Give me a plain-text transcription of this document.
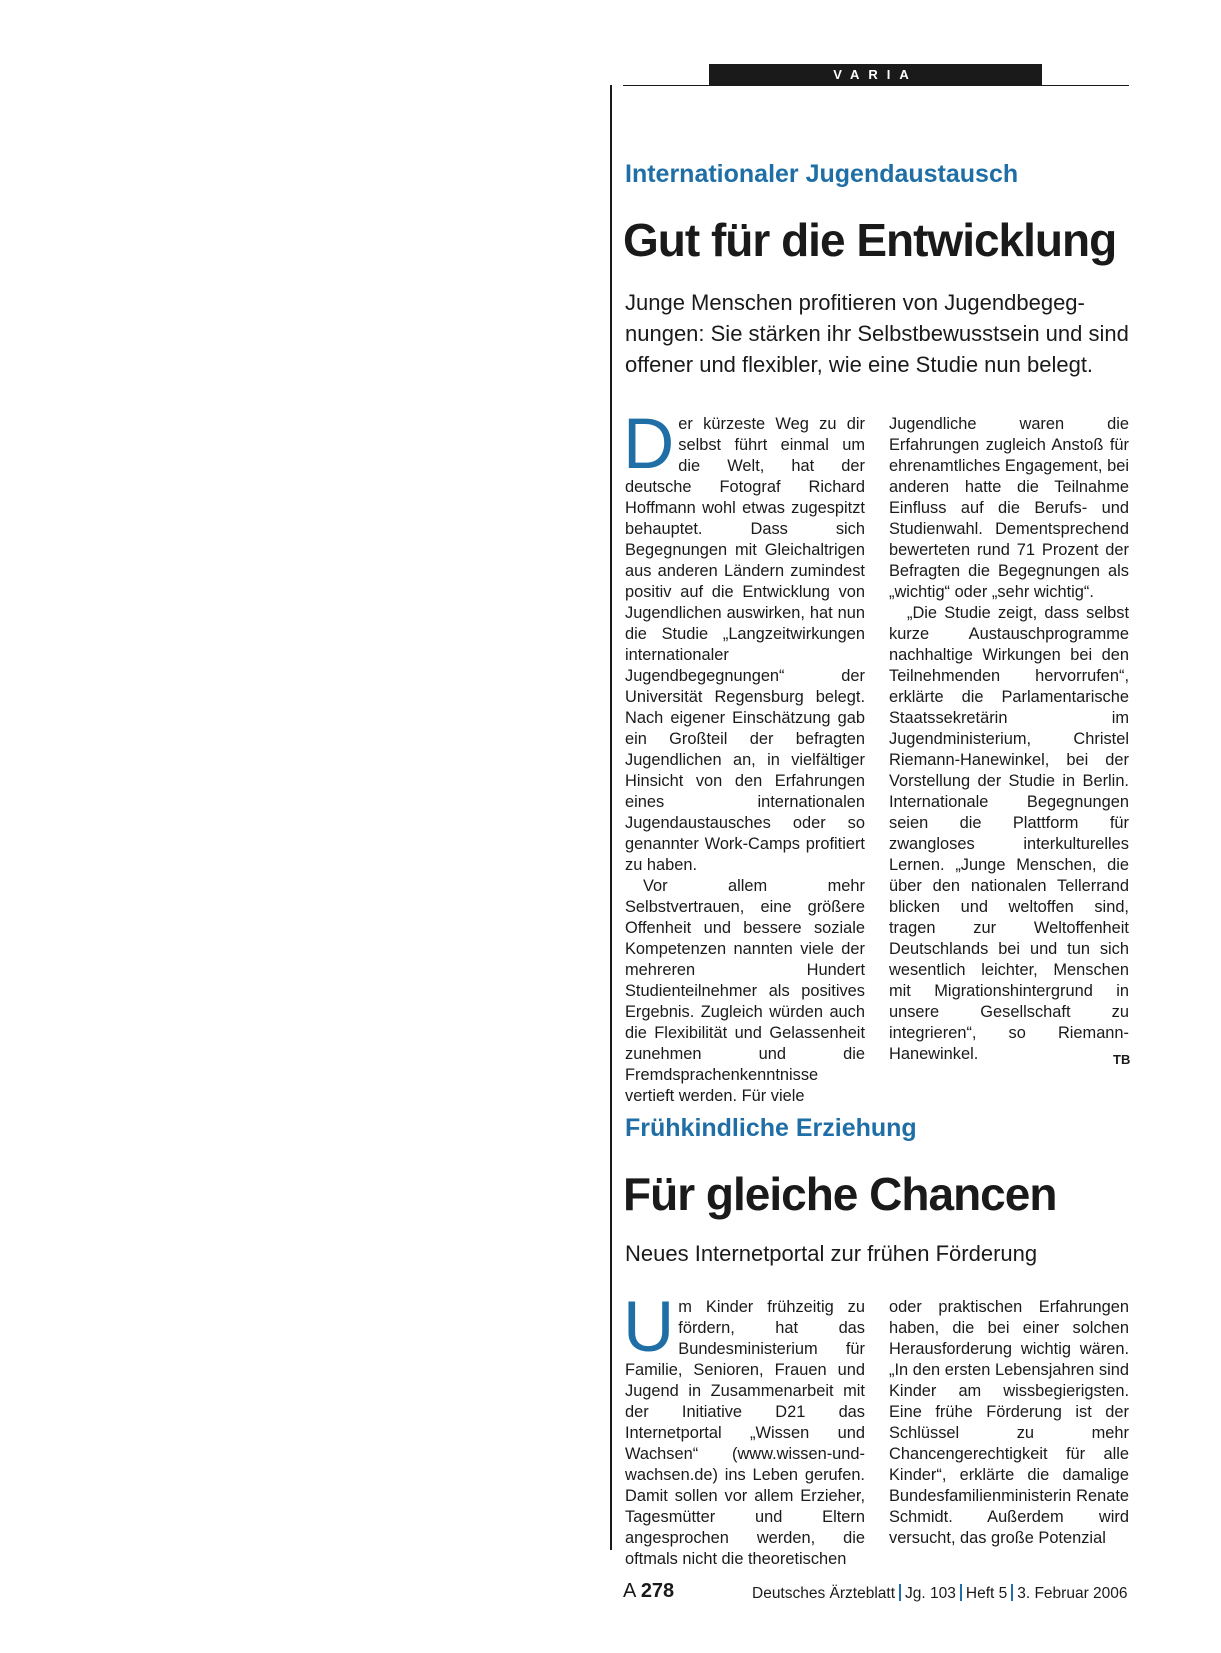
VARIA
Internationaler Jugendaustausch
Gut für die Entwicklung
Junge Menschen profitieren von Jugendbegeg-nungen: Sie stärken ihr Selbstbewusstsein und sind offener und flexibler, wie eine Studie nun belegt.

Der kürzeste Weg zu dir selbst führt einmal um die Welt, hat der deutsche Fotograf Richard Hoffmann wohl etwas zugespitzt behauptet. Dass sich Begegnungen mit Gleichaltrigen aus anderen Ländern zumindest positiv auf die Entwicklung von Jugendlichen auswirken, hat nun die Studie „Langzeitwirkungen internationaler Jugendbegegnungen“ der Universität Regensburg belegt. Nach eigener Einschätzung gab ein Großteil der befragten Jugendlichen an, in vielfältiger Hinsicht von den Erfahrungen eines internationalen Jugendaustausches oder so genannter Work-Camps profitiert zu haben.

Vor allem mehr Selbstvertrauen, eine größere Offenheit und bessere soziale Kompetenzen nannten viele der mehreren Hundert Studienteilnehmer als positives Ergebnis. Zugleich würden auch die Flexibilität und Gelassenheit zunehmen und die Fremdsprachenkenntnisse vertieft werden. Für viele

Jugendliche waren die Erfahrungen zugleich Anstoß für ehrenamtliches Engagement, bei anderen hatte die Teilnahme Einfluss auf die Berufs- und Studienwahl. Dementsprechend bewerteten rund 71 Prozent der Befragten die Begegnungen als „wichtig“ oder „sehr wichtig“.

„Die Studie zeigt, dass selbst kurze Austauschprogramme nachhaltige Wirkungen bei den Teilnehmenden hervorrufen“, erklärte die Parlamentarische Staatssekretärin im Jugendministerium, Christel Riemann-Hanewinkel, bei der Vorstellung der Studie in Berlin. Internationale Begegnungen seien die Plattform für zwangloses interkulturelles Lernen. „Junge Menschen, die über den nationalen Tellerrand blicken und weltoffen sind, tragen zur Weltoffenheit Deutschlands bei und tun sich wesentlich leichter, Menschen mit Migrationshintergrund in unsere Gesellschaft zu integrieren“, so Riemann-Hanewinkel.	TB
Frühkindliche Erziehung
Für gleiche Chancen
Neues Internetportal zur frühen Förderung

Um Kinder frühzeitig zu fördern, hat das Bundesministerium für Familie, Senioren, Frauen und Jugend in Zusammenarbeit mit der Initiative D21 das Internetportal „Wissen und Wachsen“ (www.wissen-und-wachsen.de) ins Leben gerufen. Damit sollen vor allem Erzieher, Tagesmütter und Eltern angesprochen werden, die oftmals nicht die theoretischen

oder praktischen Erfahrungen haben, die bei einer solchen Herausforderung wichtig wären. „In den ersten Lebensjahren sind Kinder am wissbegierigsten. Eine frühe Förderung ist der Schlüssel zu mehr Chancengerechtigkeit für alle Kinder“, erklärte die damalige Bundesfamilienministerin Renate Schmidt. Außerdem wird versucht, das große Potenzial

A 278	Deutsches Ärzteblatt Jg. 103 Heft 5 3. Februar 2006
